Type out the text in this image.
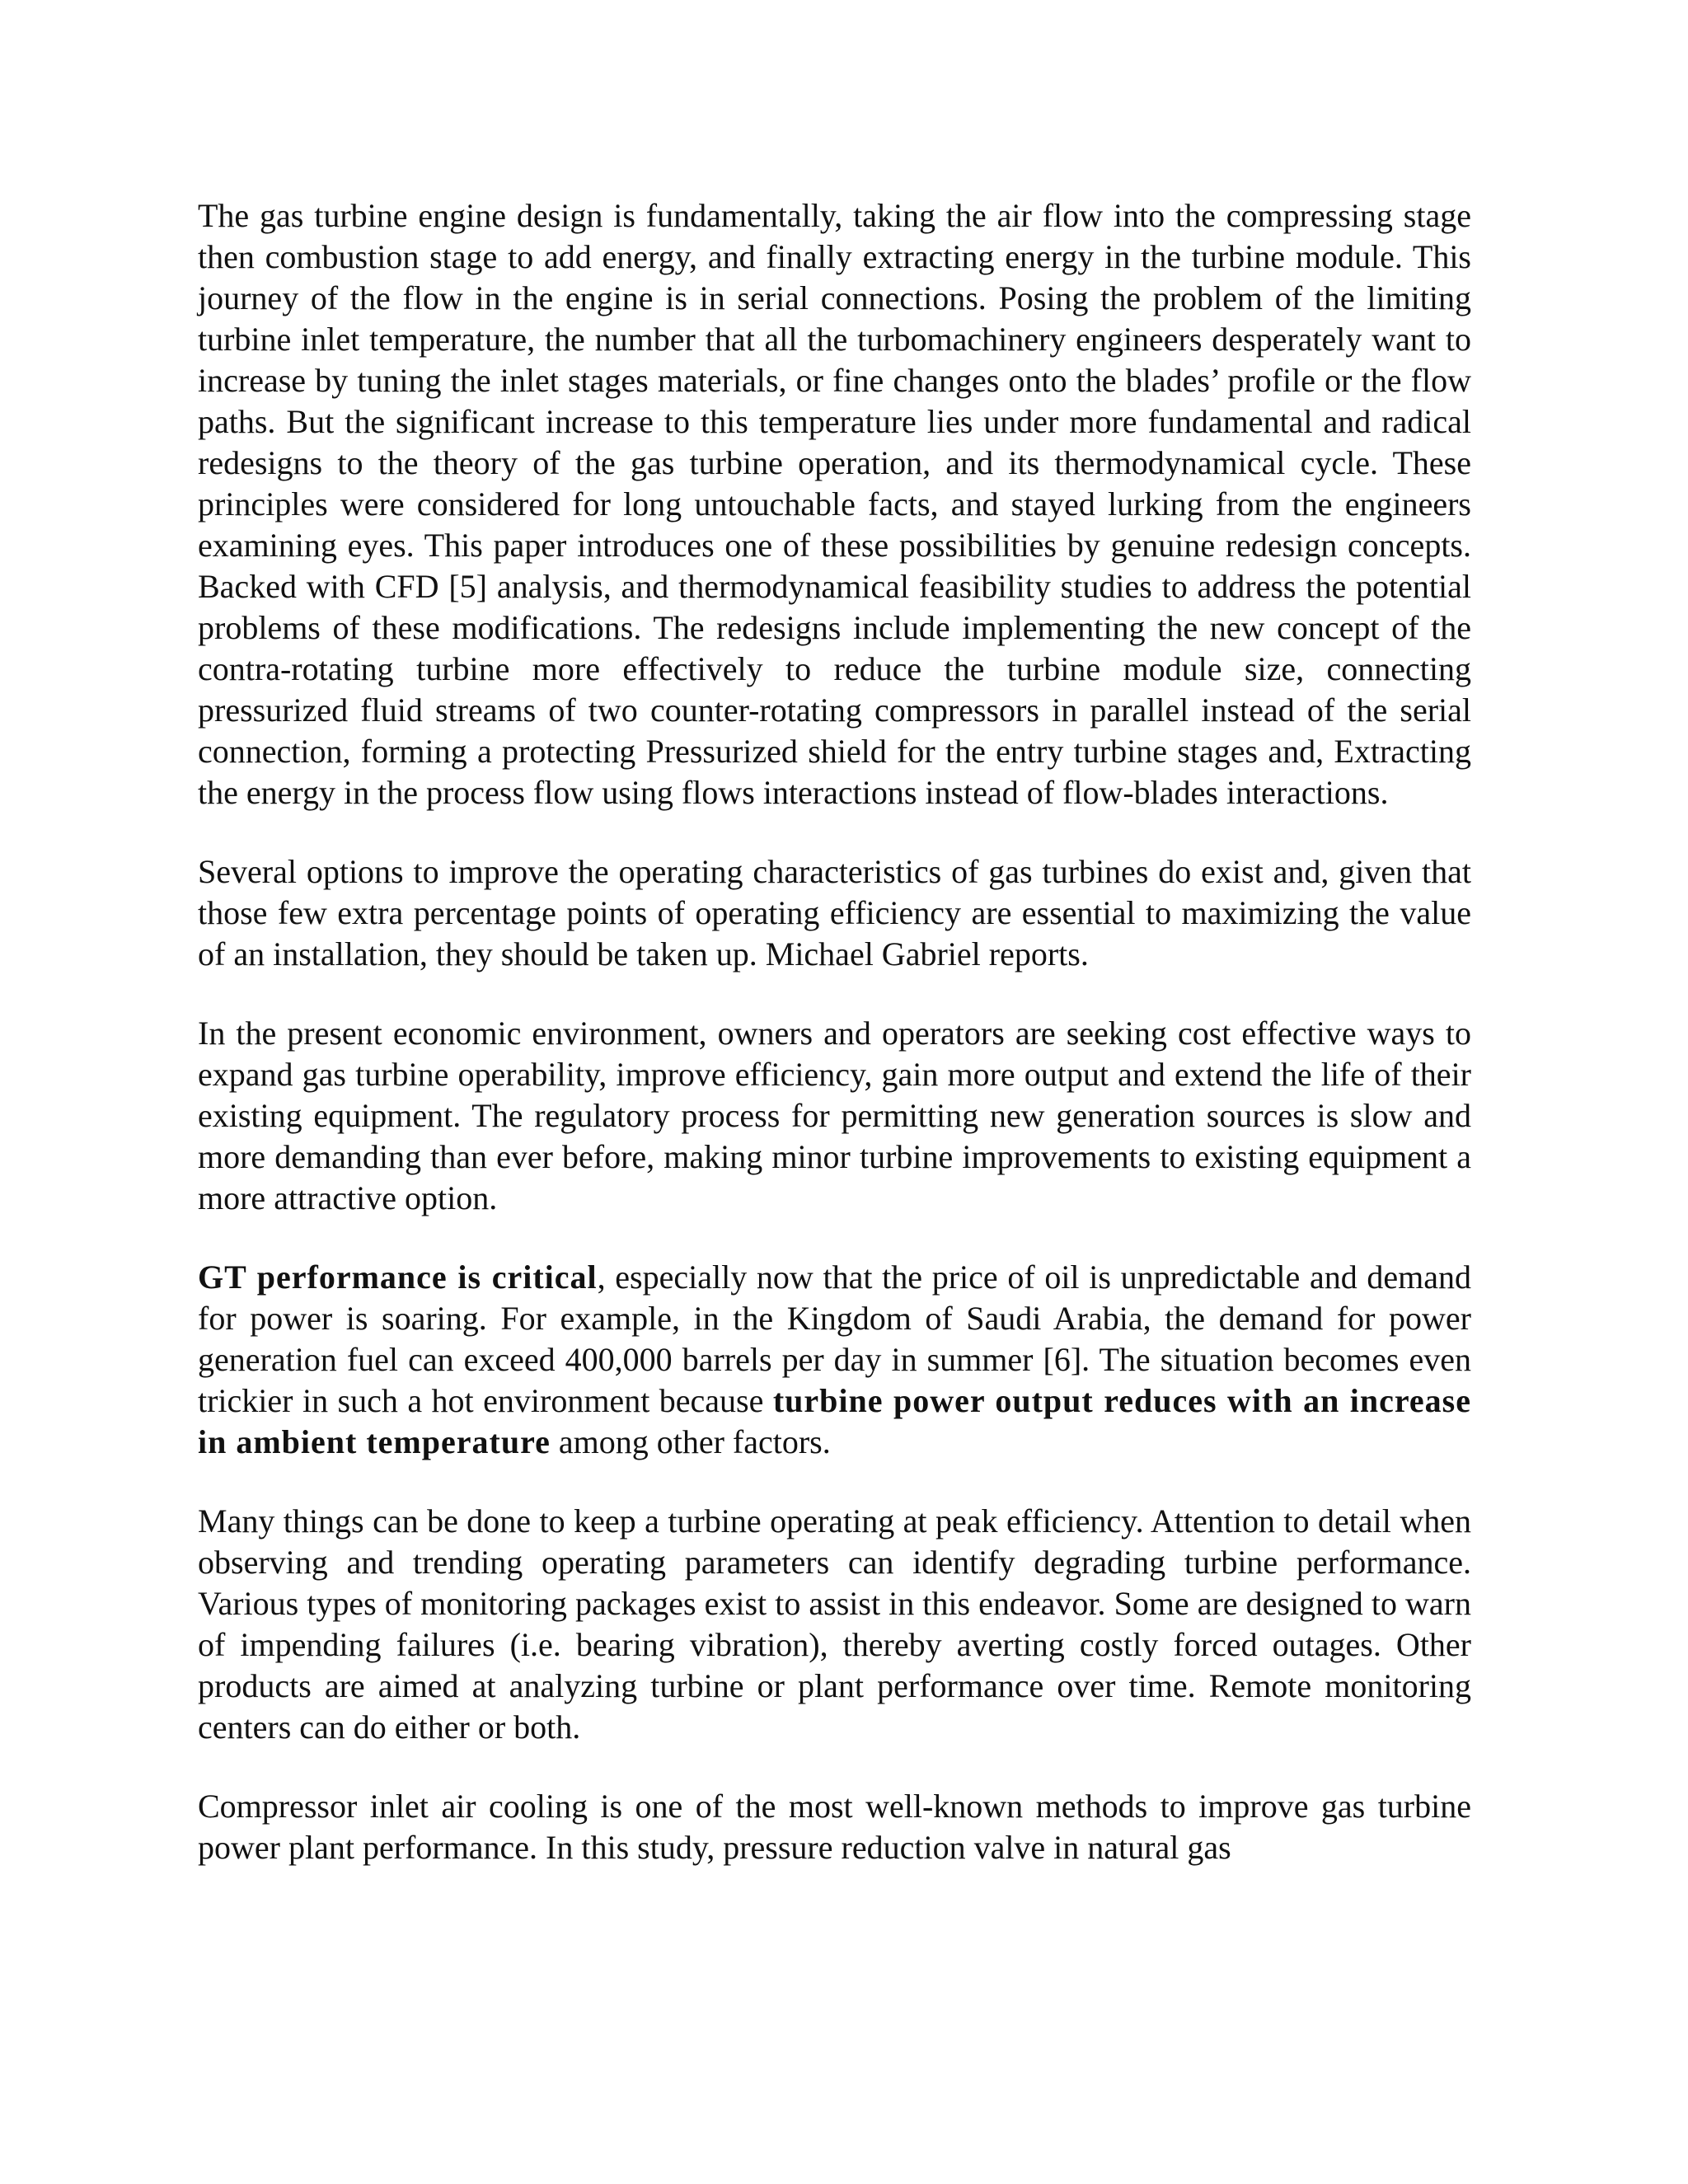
The gas turbine engine design is fundamentally, taking the air flow into the compressing stage then combustion stage to add energy, and finally extracting energy in the turbine module. This journey of the flow in the engine is in serial connections. Posing the problem of the limiting turbine inlet temperature, the number that all the turbomachinery engineers desperately want to increase by tuning the inlet stages materials, or fine changes onto the blades’ profile or the flow paths. But the significant increase to this temperature lies under more fundamental and radical redesigns to the theory of the gas turbine operation, and its thermodynamical cycle. These principles were considered for long untouchable facts, and stayed lurking from the engineers examining eyes. This paper introduces one of these possibilities by genuine redesign concepts. Backed with CFD [5] analysis, and thermodynamical feasibility studies to address the potential problems of these modifications. The redesigns include implementing the new concept of the contra-rotating turbine more effectively to reduce the turbine module size, connecting pressurized fluid streams of two counter-rotating compressors in parallel instead of the serial connection, forming a protecting Pressurized shield for the entry turbine stages and, Extracting the energy in the process flow using flows interactions instead of flow-blades interactions.

Several options to improve the operating characteristics of gas turbines do exist and, given that those few extra percentage points of operating efficiency are essential to maximizing the value of an installation, they should be taken up. Michael Gabriel reports.

In the present economic environment, owners and operators are seeking cost effective ways to expand gas turbine operability, improve efficiency, gain more output and extend the life of their existing equipment. The regulatory process for permitting new generation sources is slow and more demanding than ever before, making minor turbine improvements to existing equipment a more attractive option.

GT performance is critical, especially now that the price of oil is unpredictable and demand for power is soaring. For example, in the Kingdom of Saudi Arabia, the demand for power generation fuel can exceed 400,000 barrels per day in summer [6]. The situation becomes even trickier in such a hot environment because turbine power output reduces with an increase in ambient temperature among other factors.

Many things can be done to keep a turbine operating at peak efficiency. Attention to detail when observing and trending operating parameters can identify degrading turbine performance. Various types of monitoring packages exist to assist in this endeavor. Some are designed to warn of impending failures (i.e. bearing vibration), thereby averting costly forced outages. Other products are aimed at analyzing turbine or plant performance over time. Remote monitoring centers can do either or both.

Compressor inlet air cooling is one of the most well-known methods to improve gas turbine power plant performance. In this study, pressure reduction valve in natural gas
